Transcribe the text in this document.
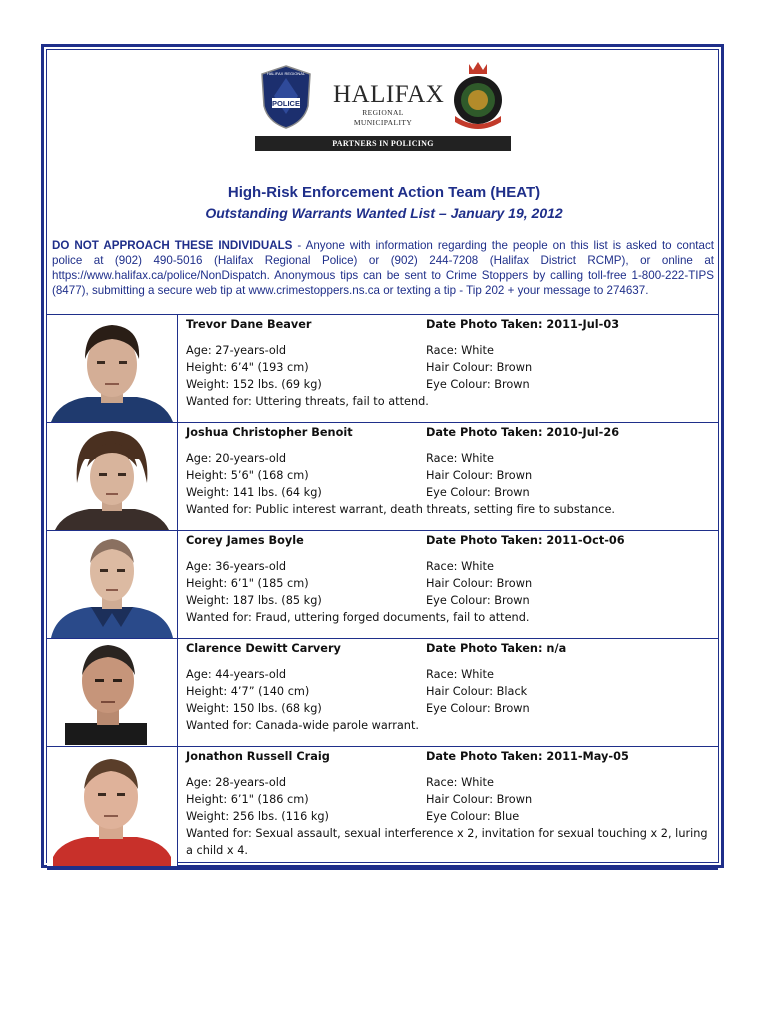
POLICE
HALIFAX REGIONAL
HALIFAX
REGIONAL MUNICIPALITY
PARTNERS IN POLICING
High-Risk Enforcement Action Team (HEAT)
Outstanding Warrants Wanted List – January 19, 2012
DO NOT APPROACH THESE INDIVIDUALS - Anyone with information regarding the people on this list is asked to contact police at (902) 490-5016 (Halifax Regional Police) or (902) 244-7208 (Halifax District RCMP), or online at https://www.halifax.ca/police/NonDispatch. Anonymous tips can be sent to Crime Stoppers by calling toll-free 1-800-222-TIPS (8477), submitting a secure web tip at www.crimestoppers.ns.ca or texting a tip - Tip 202 + your message to 274637.
Trevor Dane Beaver	Date Photo Taken: 2011-Jul-03
Age: 27-years-old	Race: White
Height: 6’4" (193 cm)	Hair Colour: Brown
Weight: 152 lbs. (69 kg)	Eye Colour: Brown
Wanted for: Uttering threats, fail to attend.
Joshua Christopher Benoit	Date Photo Taken: 2010-Jul-26
Age: 20-years-old	Race: White
Height: 5’6" (168 cm)	Hair Colour: Brown
Weight: 141 lbs. (64 kg)	Eye Colour: Brown
Wanted for: Public interest warrant, death threats, setting fire to substance.
Corey James Boyle	Date Photo Taken: 2011-Oct-06
Age: 36-years-old	Race: White
Height: 6’1" (185 cm)	Hair Colour: Brown
Weight: 187 lbs. (85 kg)	Eye Colour: Brown
Wanted for: Fraud, uttering forged documents, fail to attend.
Clarence Dewitt Carvery	Date Photo Taken: n/a
Age: 44-years-old	Race: White
Height: 4’7” (140 cm)	Hair Colour: Black
Weight: 150 lbs. (68 kg)	Eye Colour: Brown
Wanted for: Canada-wide parole warrant.
Jonathon Russell Craig	Date Photo Taken: 2011-May-05
Age: 28-years-old	Race: White
Height: 6’1" (186 cm)	Hair Colour: Brown
Weight: 256 lbs. (116 kg)	Eye Colour: Blue
Wanted for: Sexual assault, sexual interference x 2, invitation for sexual touching x 2, luring a child x 4.
